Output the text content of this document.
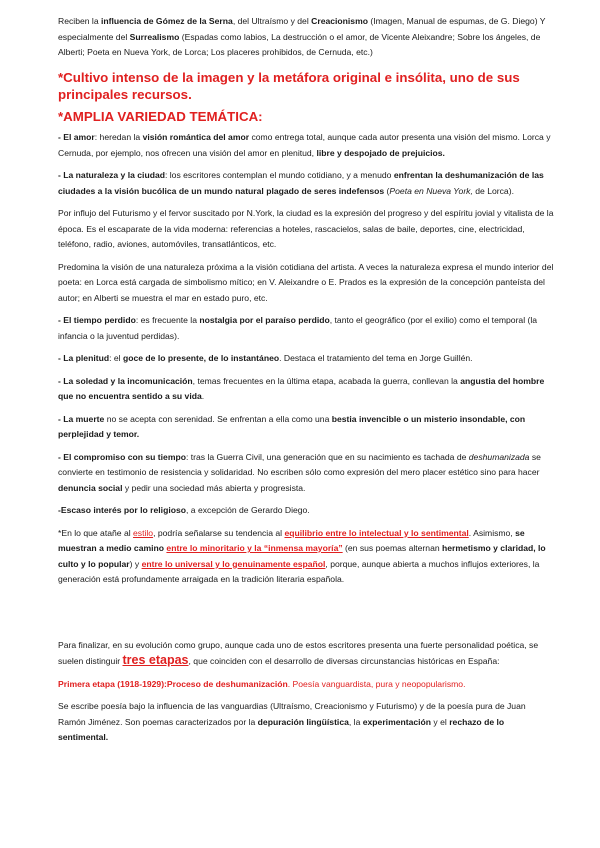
Reciben la influencia de Gómez de la Serna, del Ultraísmo y del Creacionismo (Imagen, Manual de espumas, de G. Diego) Y especialmente del Surrealismo (Espadas como labios, La destrucción o el amor, de Vicente Aleixandre; Sobre los ángeles, de Alberti; Poeta en Nueva York, de Lorca; Los placeres prohibidos, de Cernuda, etc.)

*Cultivo intenso de la imagen y la metáfora original e insólita, uno de sus principales recursos.

*AMPLIA VARIEDAD TEMÁTICA:

- El amor: heredan la visión romántica del amor como entrega total, aunque cada autor presenta una visión del mismo. Lorca y Cernuda, por ejemplo, nos ofrecen una visión del amor en plenitud, libre y despojado de prejuicios.

- La naturaleza y la ciudad: los escritores contemplan el mundo cotidiano, y a menudo enfrentan la deshumanización de las ciudades a la visión bucólica de un mundo natural plagado de seres indefensos (Poeta en Nueva York, de Lorca).

Por influjo del Futurismo y el fervor suscitado por N.York, la ciudad es la expresión del progreso y del espíritu jovial y vitalista de la época. Es el escaparate de la vida moderna: referencias a hoteles, rascacielos, salas de baile, deportes, cine, electricidad, teléfono, radio, aviones, automóviles, transatlánticos, etc.

Predomina la visión de una naturaleza próxima a la visión cotidiana del artista. A veces la naturaleza expresa el mundo interior del poeta: en Lorca está cargada de simbolismo mítico; en V. Aleixandre o E. Prados es la expresión de la concepción panteísta del autor; en Alberti se muestra el mar en estado puro, etc.

- El tiempo perdido: es frecuente la nostalgia por el paraíso perdido, tanto el geográfico (por el exilio) como el temporal (la infancia o la juventud perdidas).

- La plenitud: el goce de lo presente, de lo instantáneo. Destaca el tratamiento del tema en Jorge Guillén.

- La soledad y la incomunicación, temas frecuentes en la última etapa, acabada la guerra, conllevan la angustia del hombre que no encuentra sentido a su vida.

- La muerte no se acepta con serenidad. Se enfrentan a ella como una bestia invencible o un misterio insondable, con perplejidad y temor.

- El compromiso con su tiempo: tras la Guerra Civil, una generación que en su nacimiento es tachada de deshumanizada se convierte en testimonio de resistencia y solidaridad. No escriben sólo como expresión del mero placer estético sino para hacer denuncia social y pedir una sociedad más abierta y progresista.

-Escaso interés por lo religioso, a excepción de Gerardo Diego.

*En lo que atañe al estilo, podría señalarse su tendencia al equilibrio entre lo intelectual y lo sentimental. Asimismo, se muestran a medio camino entre lo minoritario y la “inmensa mayoría” (en sus poemas alternan hermetismo y claridad, lo culto y lo popular) y entre lo universal y lo genuinamente español, porque, aunque abierta a muchos influjos exteriores, la generación está profundamente arraigada en la tradición literaria española.

Para finalizar, en su evolución como grupo, aunque cada uno de estos escritores presenta una fuerte personalidad poética, se suelen distinguir tres etapas, que coinciden con el desarrollo de diversas circunstancias históricas en España:

Primera etapa (1918-1929):Proceso de deshumanización. Poesía vanguardista, pura y neopopularismo.

Se escribe poesía bajo la influencia de las vanguardias (Ultraísmo, Creacionismo y Futurismo) y de la poesía pura de Juan Ramón Jiménez. Son poemas caracterizados por la depuración lingüística, la experimentación y el rechazo de lo sentimental.
